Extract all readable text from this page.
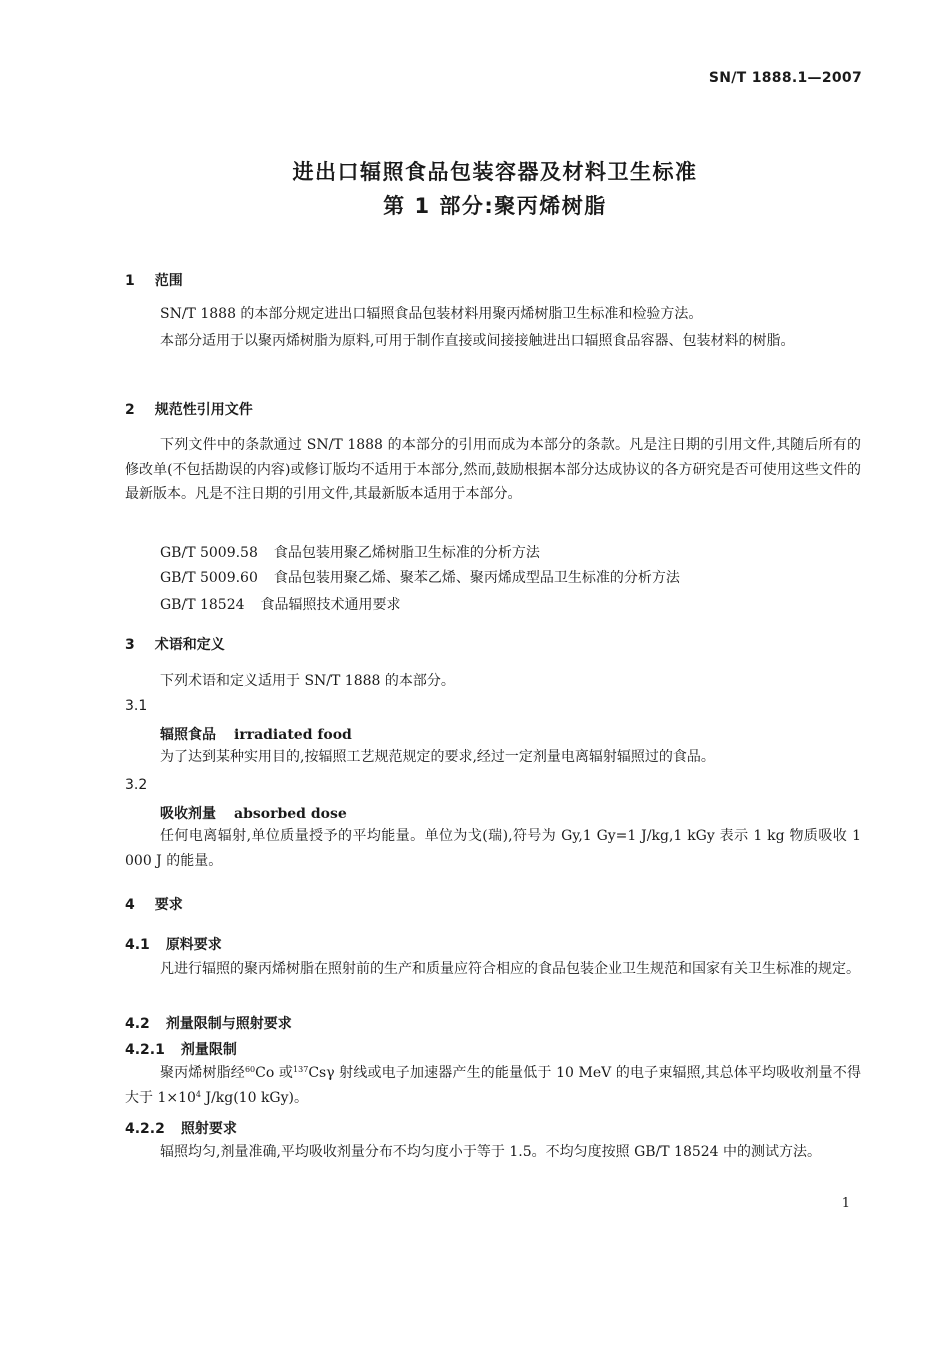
SN/T 1888.1—2007
进出口辐照食品包装容器及材料卫生标准
第 1 部分:聚丙烯树脂
1 范围
SN/T 1888 的本部分规定进出口辐照食品包装材料用聚丙烯树脂卫生标准和检验方法。
本部分适用于以聚丙烯树脂为原料,可用于制作直接或间接接触进出口辐照食品容器、包装材料的树脂。
2 规范性引用文件
下列文件中的条款通过 SN/T 1888 的本部分的引用而成为本部分的条款。凡是注日期的引用文件,其随后所有的修改单(不包括勘误的内容)或修订版均不适用于本部分,然而,鼓励根据本部分达成协议的各方研究是否可使用这些文件的最新版本。凡是不注日期的引用文件,其最新版本适用于本部分。
GB/T 5009.58 食品包装用聚乙烯树脂卫生标准的分析方法
GB/T 5009.60 食品包装用聚乙烯、聚苯乙烯、聚丙烯成型品卫生标准的分析方法
GB/T 18524 食品辐照技术通用要求
3 术语和定义
下列术语和定义适用于 SN/T 1888 的本部分。
3.1
辐照食品 irradiated food
为了达到某种实用目的,按辐照工艺规范规定的要求,经过一定剂量电离辐射辐照过的食品。
3.2
吸收剂量 absorbed dose
任何电离辐射,单位质量授予的平均能量。单位为戈(瑞),符号为 Gy,1 Gy=1 J/kg,1 kGy 表示 1 kg 物质吸收 1 000 J 的能量。
4 要求
4.1 原料要求
凡进行辐照的聚丙烯树脂在照射前的生产和质量应符合相应的食品包装企业卫生规范和国家有关卫生标准的规定。
4.2 剂量限制与照射要求
4.2.1 剂量限制
聚丙烯树脂经$^{60}$Co 或$^{137}$Csγ 射线或电子加速器产生的能量低于 10 MeV 的电子束辐照,其总体平均吸收剂量不得大于 $1\times 10^4$ J/kg(10 kGy)。
4.2.2 照射要求
辐照均匀,剂量准确,平均吸收剂量分布不均匀度小于等于 1.5。不均匀度按照 GB/T 18524 中的测试方法。
1
